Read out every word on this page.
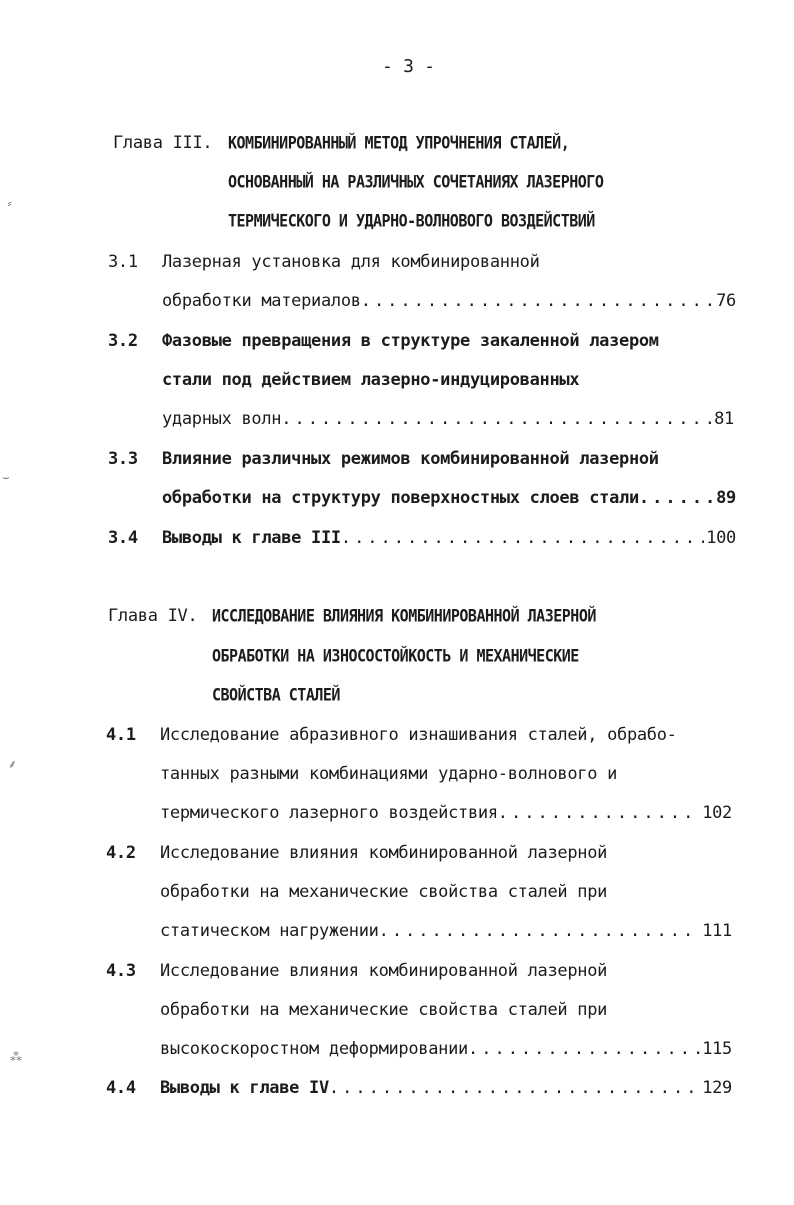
- 3 -
Глава III.	КОМБИНИРОВАННЫЙ МЕТОД УПРОЧНЕНИЯ СТАЛЕЙ,
ОСНОВАННЫЙ НА РАЗЛИЧНЫХ СОЧЕТАНИЯХ ЛАЗЕРНОГО
ТЕРМИЧЕСКОГО И УДАРНО-ВОЛНОВОГО ВОЗДЕЙСТВИЙ
3.1	Лазерная установка для комбинированной
обработки материалов .....	76
3.2	Фазовые превращения в структуре закаленной лазером
стали под действием лазерно-индуцированных
ударных волн .....	81
3.3	Влияние различных режимов комбинированной лазерной
обработки на структуру поверхностных слоев стали .....	89
3.4	Выводы к главе III .....	100
Глава IV. ИССЛЕДОВАНИЕ ВЛИЯНИЯ КОМБИНИРОВАННОЙ ЛАЗЕРНОЙ
ОБРАБОТКИ НА ИЗНОСОСТОЙКОСТЬ И МЕХАНИЧЕСКИЕ
СВОЙСТВА СТАЛЕЙ
4.1	Исследование абразивного изнашивания сталей, обрабо-
танных разными комбинациями ударно-волнового и
термического лазерного воздействия .....	102
4.2	Исследование влияния комбинированной лазерной
обработки на механические свойства сталей при
статическом нагружении .....	111
4.3	Исследование влияния комбинированной лазерной
обработки на механические свойства сталей при
высокоскоростном деформировании .....	115
4.4	Выводы к главе IV .....	129
⸗
⌣
⸙
⁂
